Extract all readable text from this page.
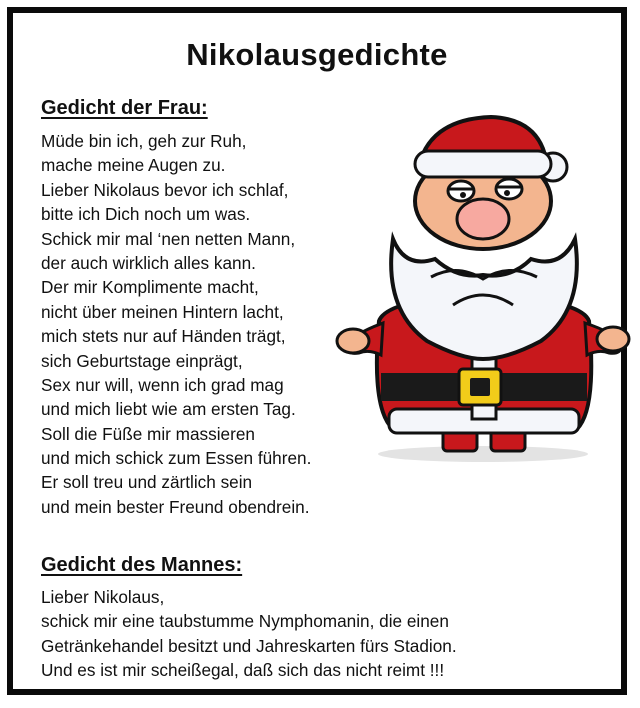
Nikolausgedichte
Gedicht der Frau:
Müde bin ich, geh zur Ruh,
mache meine Augen zu.
Lieber Nikolaus bevor ich schlaf,
bitte ich Dich noch um was.
Schick mir mal ‘nen netten Mann,
der auch wirklich alles kann.
Der mir Komplimente macht,
nicht über meinen Hintern lacht,
mich stets nur auf Händen trägt,
sich Geburtstage einprägt,
Sex nur will, wenn ich grad mag
und mich liebt wie am ersten Tag.
Soll die Füße mir massieren
und mich schick zum Essen führen.
Er soll treu und zärtlich sein
und mein bester Freund obendrein.
Gedicht des Mannes:
Lieber Nikolaus,
schick mir eine taubstumme Nymphomanin, die einen
Getränkehandel besitzt und Jahreskarten fürs Stadion.
Und es ist mir scheißegal, daß sich das nicht reimt !!!
